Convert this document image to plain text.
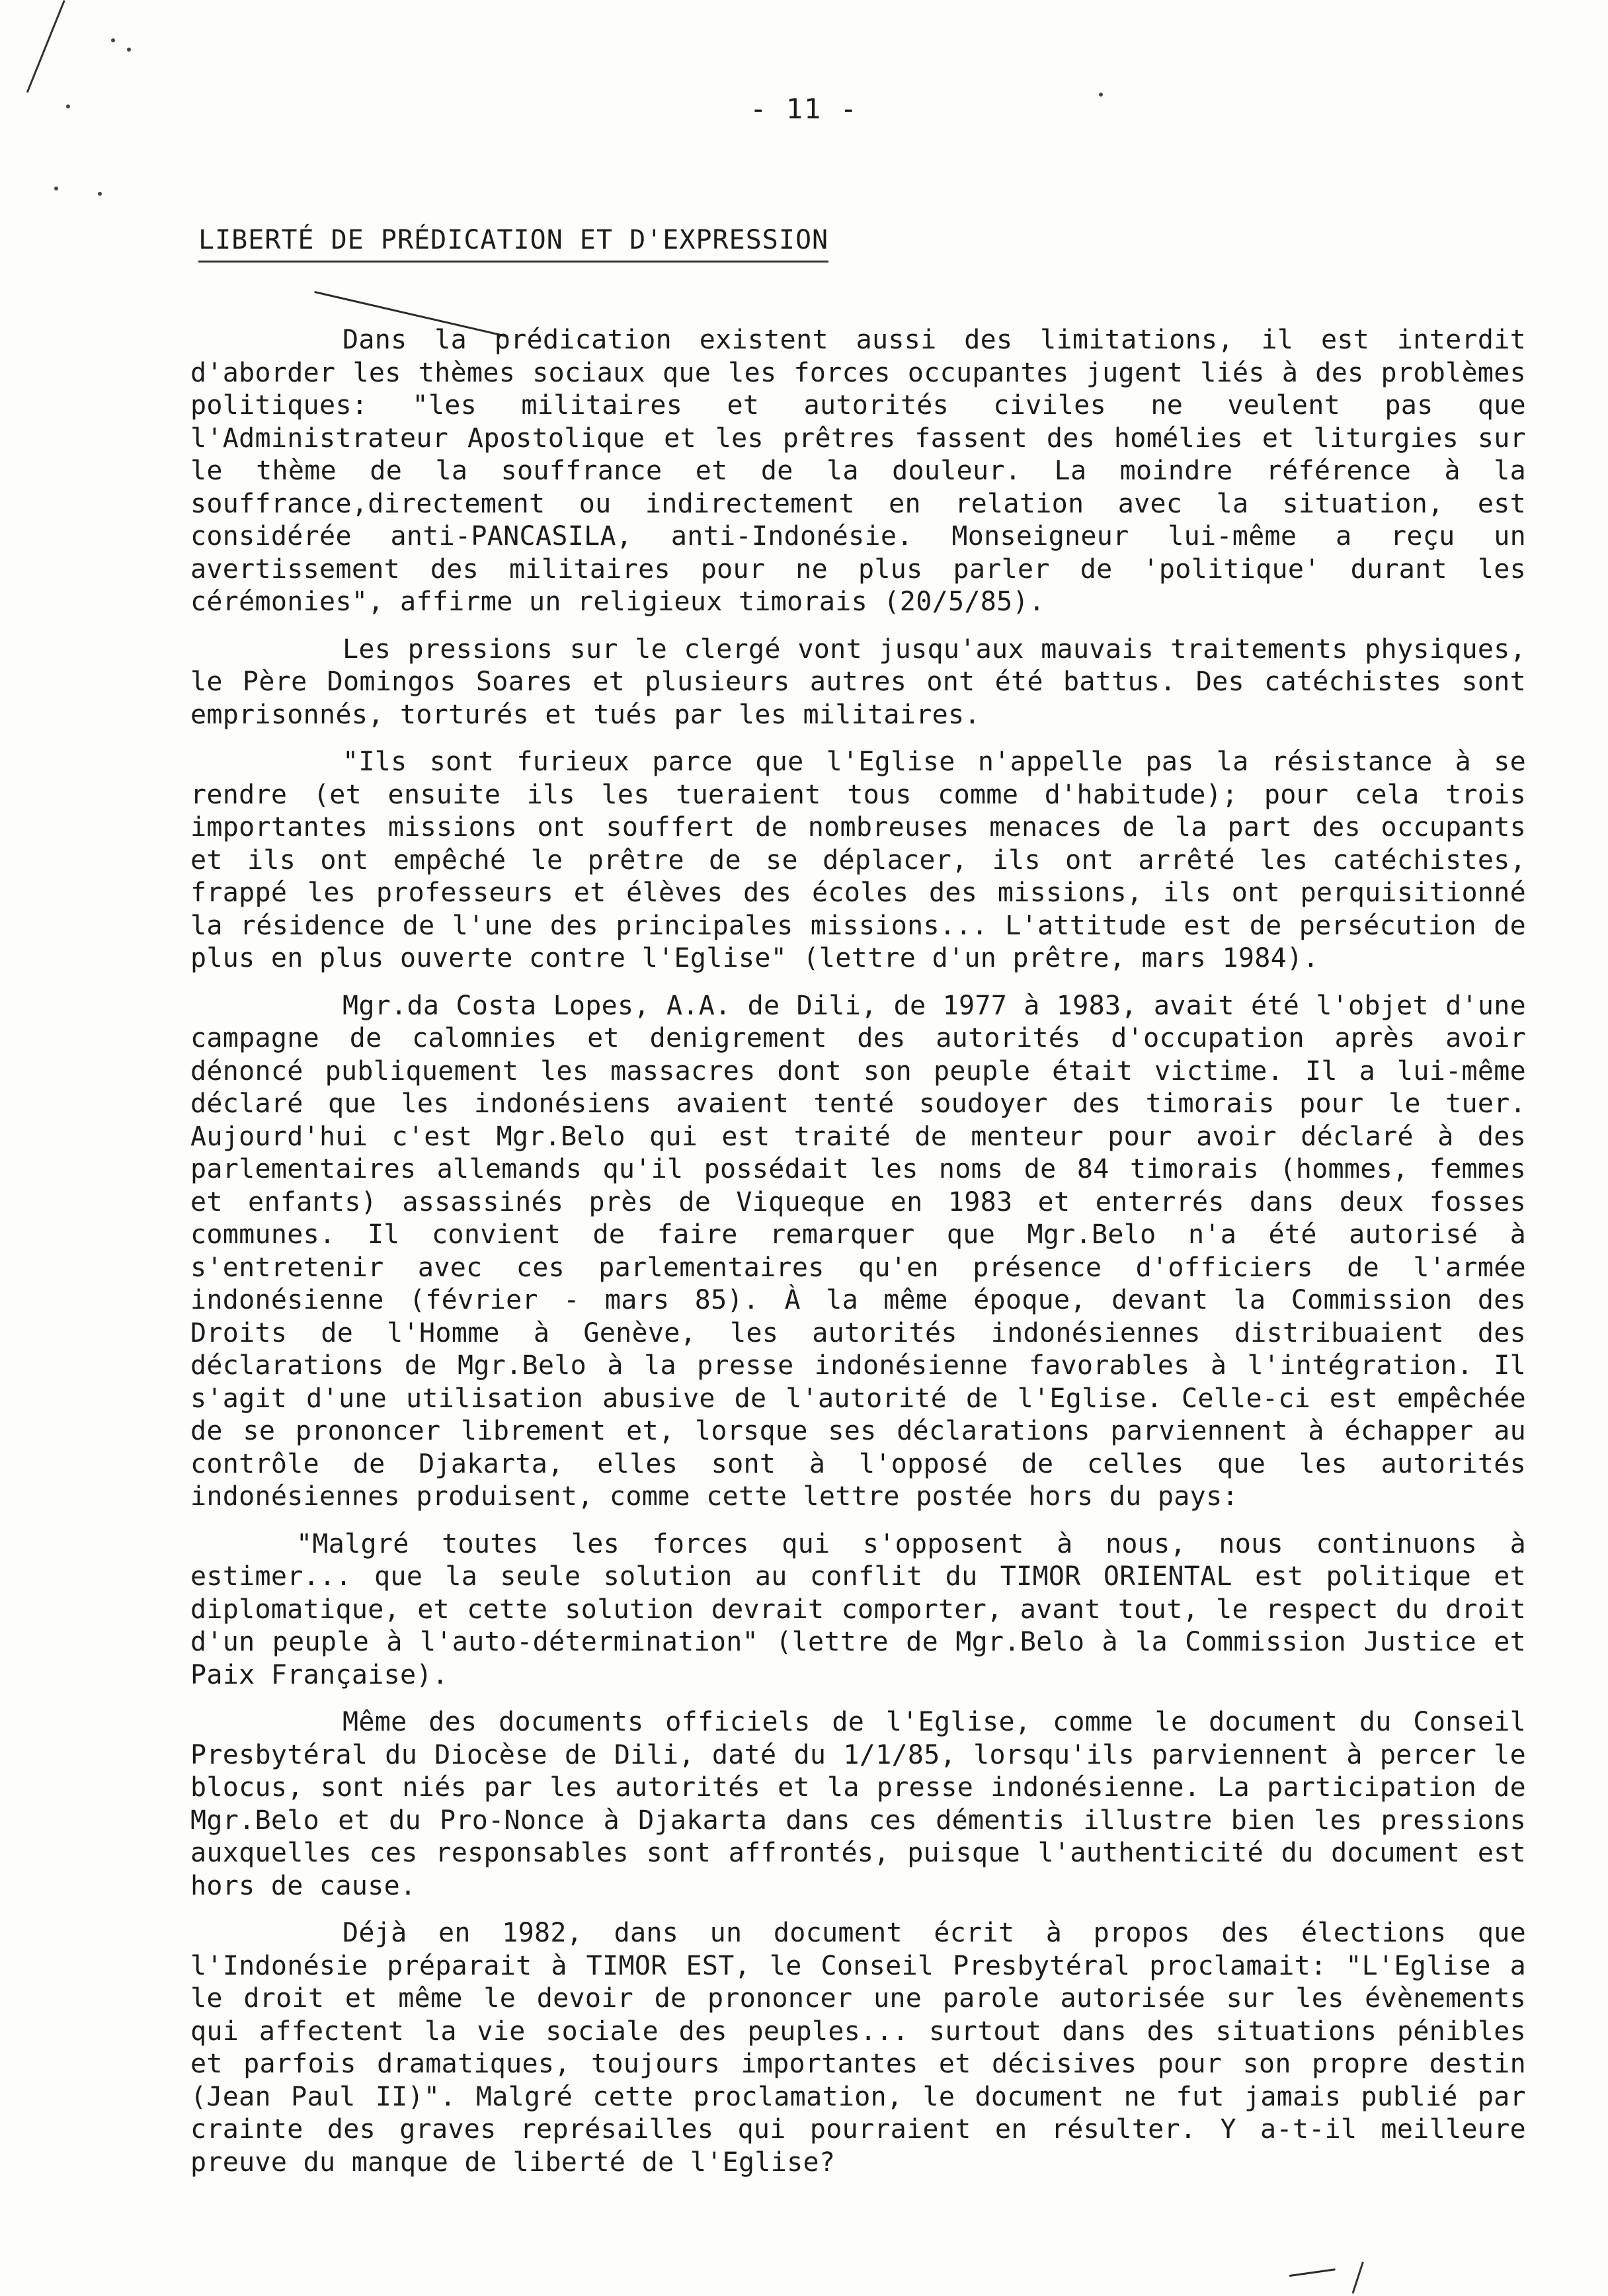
- 11 -
LIBERTÉ DE PRÉDICATION ET D'EXPRESSION

Dans la prédication existent aussi des limitations, il est interdit d'aborder les thèmes sociaux que les forces occupantes jugent liés à des problèmes politiques: "les militaires et autorités civiles ne veulent pas que l'Administrateur Apostolique et les prêtres fassent des homélies et liturgies sur le thème de la souffrance et de la douleur. La moindre référence à la souffrance,directement ou indirectement en relation avec la situation, est considérée anti-PANCASILA, anti-Indonésie. Monseigneur lui-même a reçu un avertissement des militaires pour ne plus parler de 'politique' durant les cérémonies", affirme un religieux timorais (20/5/85).

Les pressions sur le clergé vont jusqu'aux mauvais traitements physiques, le Père Domingos Soares et plusieurs autres ont été battus. Des catéchistes sont emprisonnés, torturés et tués par les militaires.

"Ils sont furieux parce que l'Eglise n'appelle pas la résistance à se rendre (et ensuite ils les tueraient tous comme d'habitude); pour cela trois importantes missions ont souffert de nombreuses menaces de la part des occupants et ils ont empêché le prêtre de se déplacer, ils ont arrêté les catéchistes, frappé les professeurs et élèves des écoles des missions, ils ont perquisitionné la résidence de l'une des principales missions... L'attitude est de persécution de plus en plus ouverte contre l'Eglise" (lettre d'un prêtre, mars 1984).

Mgr.da Costa Lopes, A.A. de Dili, de 1977 à 1983, avait été l'objet d'une campagne de calomnies et denigrement des autorités d'occupation après avoir dénoncé publiquement les massacres dont son peuple était victime. Il a lui-même déclaré que les indonésiens avaient tenté soudoyer des timorais pour le tuer. Aujourd'hui c'est Mgr.Belo qui est traité de menteur pour avoir déclaré à des parlementaires allemands qu'il possédait les noms de 84 timorais (hommes, femmes et enfants) assassinés près de Viqueque en 1983 et enterrés dans deux fosses communes. Il convient de faire remarquer que Mgr.Belo n'a été autorisé à s'entretenir avec ces parlementaires qu'en présence d'officiers de l'armée indonésienne (février - mars 85). À la même époque, devant la Commission des Droits de l'Homme à Genève, les autorités indonésiennes distribuaient des déclarations de Mgr.Belo à la presse indonésienne favorables à l'intégration. Il s'agit d'une utilisation abusive de l'autorité de l'Eglise. Celle-ci est empêchée de se prononcer librement et, lorsque ses déclarations parviennent à échapper au contrôle de Djakarta, elles sont à l'opposé de celles que les autorités indonésiennes produisent, comme cette lettre postée hors du pays:

"Malgré toutes les forces qui s'opposent à nous, nous continuons à estimer... que la seule solution au conflit du TIMOR ORIENTAL est politique et diplomatique, et cette solution devrait comporter, avant tout, le respect du droit d'un peuple à l'auto-détermination" (lettre de Mgr.Belo à la Commission Justice et Paix Française).

Même des documents officiels de l'Eglise, comme le document du Conseil Presbytéral du Diocèse de Dili, daté du 1/1/85, lorsqu'ils parviennent à percer le blocus, sont niés par les autorités et la presse indonésienne. La participation de Mgr.Belo et du Pro-Nonce à Djakarta dans ces démentis illustre bien les pressions auxquelles ces responsables sont affrontés, puisque l'authenticité du document est hors de cause.

Déjà en 1982, dans un document écrit à propos des élections que l'Indonésie préparait à TIMOR EST, le Conseil Presbytéral proclamait: "L'Eglise a le droit et même le devoir de prononcer une parole autorisée sur les évènements qui affectent la vie sociale des peuples... surtout dans des situations pénibles et parfois dramatiques, toujours importantes et décisives pour son propre destin (Jean Paul II)". Malgré cette proclamation, le document ne fut jamais publié par crainte des graves représailles qui pourraient en résulter. Y a-t-il meilleure preuve du manque de liberté de l'Eglise?
